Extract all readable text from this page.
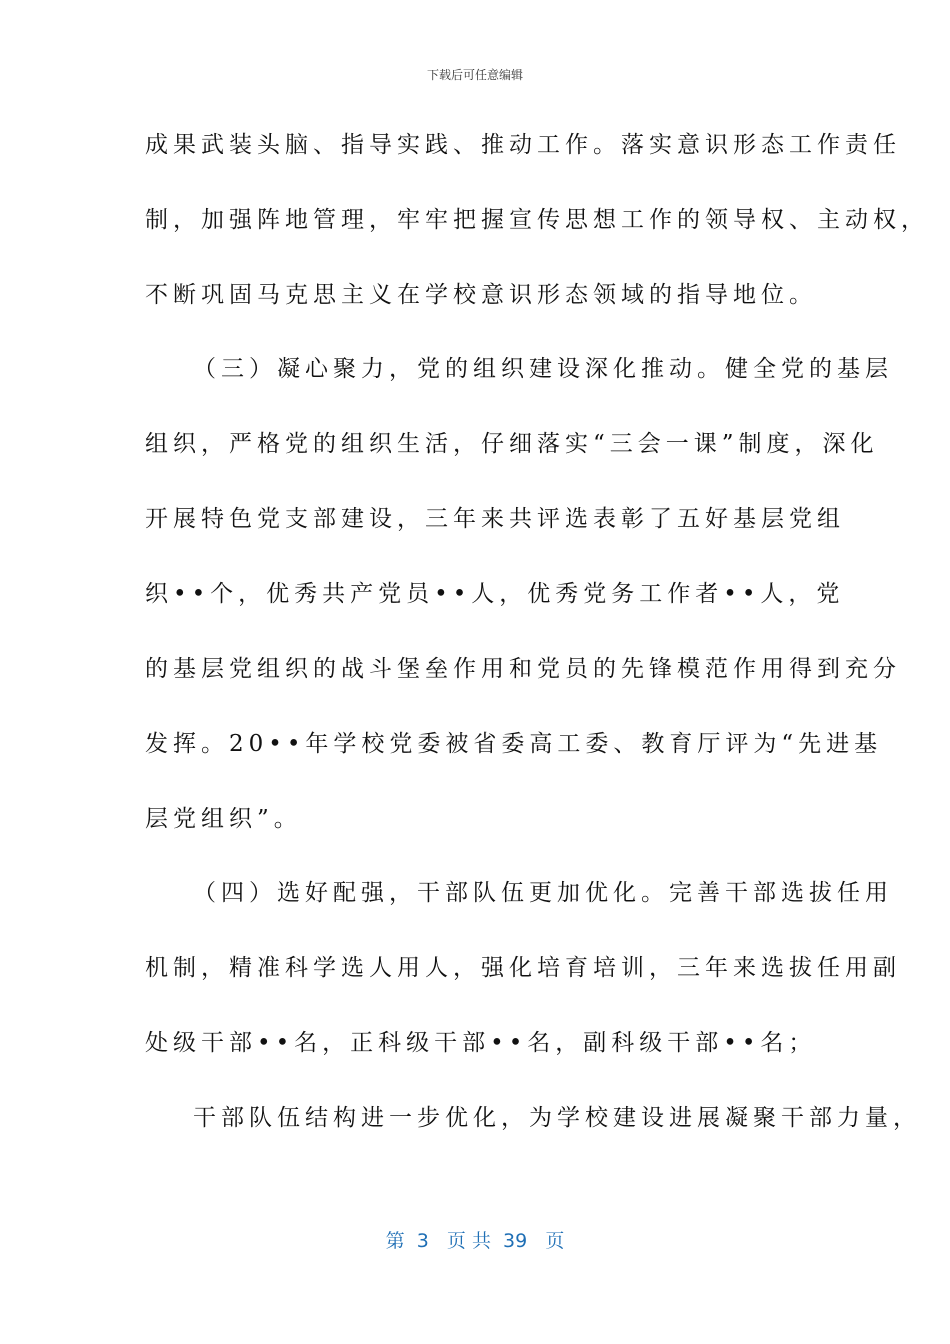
下载后可任意编辑
成果武装头脑、指导实践、推动工作。落实意识形态工作责任
制，加强阵地管理，牢牢把握宣传思想工作的领导权、主动权，
不断巩固马克思主义在学校意识形态领域的指导地位。
（三）凝心聚力，党的组织建设深化推动。健全党的基层
组织，严格党的组织生活，仔细落实“三会一课”制度，深化
开展特色党支部建设，三年来共评选表彰了五好基层党组
织••个，优秀共产党员••人，优秀党务工作者••人，党
的基层党组织的战斗堡垒作用和党员的先锋模范作用得到充分
发挥。20••年学校党委被省委高工委、教育厅评为“先进基
层党组织”。
（四）选好配强，干部队伍更加优化。完善干部选拔任用
机制，精准科学选人用人，强化培育培训，三年来选拔任用副
处级干部••名，正科级干部••名，副科级干部••名；
干部队伍结构进一步优化，为学校建设进展凝聚干部力量，
第  3   页 共  39   页
